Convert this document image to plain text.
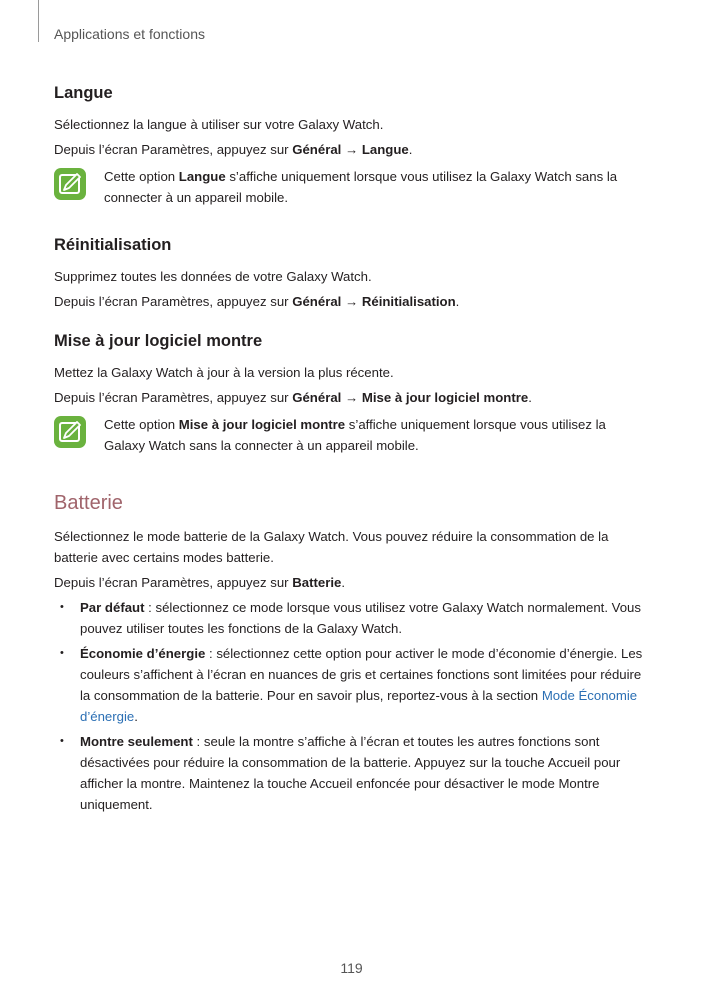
Applications et fonctions
Langue

Sélectionnez la langue à utiliser sur votre Galaxy Watch.

Depuis l’écran Paramètres, appuyez sur Général → Langue.

Cette option Langue s’affiche uniquement lorsque vous utilisez la Galaxy Watch sans la connecter à un appareil mobile.
Réinitialisation

Supprimez toutes les données de votre Galaxy Watch.

Depuis l’écran Paramètres, appuyez sur Général → Réinitialisation.

Mise à jour logiciel montre

Mettez la Galaxy Watch à jour à la version la plus récente.

Depuis l’écran Paramètres, appuyez sur Général → Mise à jour logiciel montre.

Cette option Mise à jour logiciel montre s’affiche uniquement lorsque vous utilisez la Galaxy Watch sans la connecter à un appareil mobile.
Batterie

Sélectionnez le mode batterie de la Galaxy Watch. Vous pouvez réduire la consommation de la batterie avec certains modes batterie.

Depuis l’écran Paramètres, appuyez sur Batterie.

• Par défaut : sélectionnez ce mode lorsque vous utilisez votre Galaxy Watch normalement. Vous pouvez utiliser toutes les fonctions de la Galaxy Watch.
• Économie d’énergie : sélectionnez cette option pour activer le mode d’économie d’énergie. Les couleurs s’affichent à l’écran en nuances de gris et certaines fonctions sont limitées pour réduire la consommation de la batterie. Pour en savoir plus, reportez-vous à la section Mode Économie d’énergie.
• Montre seulement : seule la montre s’affiche à l’écran et toutes les autres fonctions sont désactivées pour réduire la consommation de la batterie. Appuyez sur la touche Accueil pour afficher la montre. Maintenez la touche Accueil enfoncée pour désactiver le mode Montre uniquement.
119
